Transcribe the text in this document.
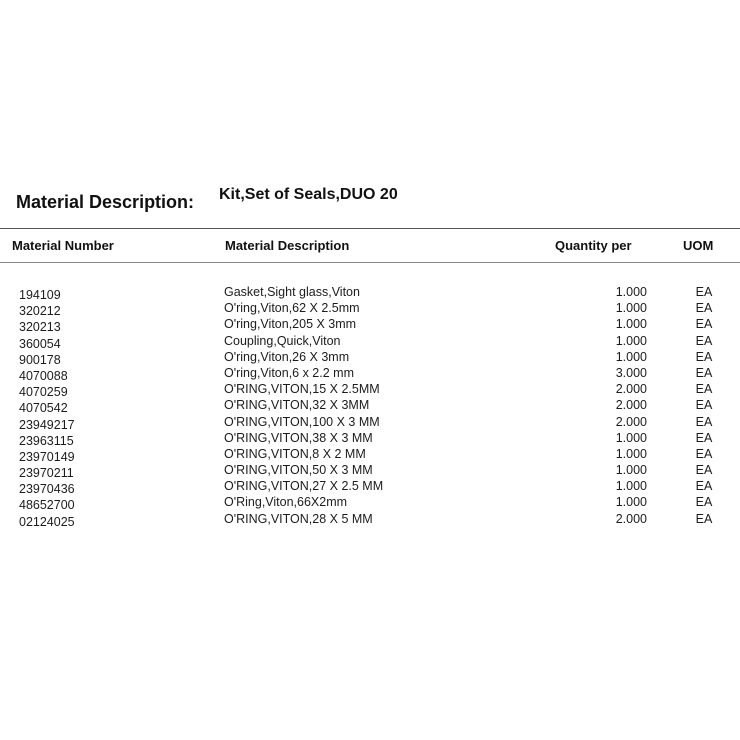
Material Description: Kit,Set of Seals,DUO 20
Material Number	Material Description	Quantity per	UOM
194109	Gasket,Sight glass,Viton	1.000	EA
320212	O'ring,Viton,62 X 2.5mm	1.000	EA
320213	O'ring,Viton,205 X 3mm	1.000	EA
360054	Coupling,Quick,Viton	1.000	EA
900178	O'ring,Viton,26 X 3mm	1.000	EA
4070088	O'ring,Viton,6 x 2.2 mm	3.000	EA
4070259	O'RING,VITON,15 X 2.5MM	2.000	EA
4070542	O'RING,VITON,32 X 3MM	2.000	EA
23949217	O'RING,VITON,100 X 3 MM	2.000	EA
23963115	O'RING,VITON,38 X 3 MM	1.000	EA
23970149	O'RING,VITON,8 X 2 MM	1.000	EA
23970211	O'RING,VITON,50 X 3 MM	1.000	EA
23970436	O'RING,VITON,27 X 2.5 MM	1.000	EA
48652700	O'Ring,Viton,66X2mm	1.000	EA
02124025	O'RING,VITON,28 X 5 MM	2.000	EA
